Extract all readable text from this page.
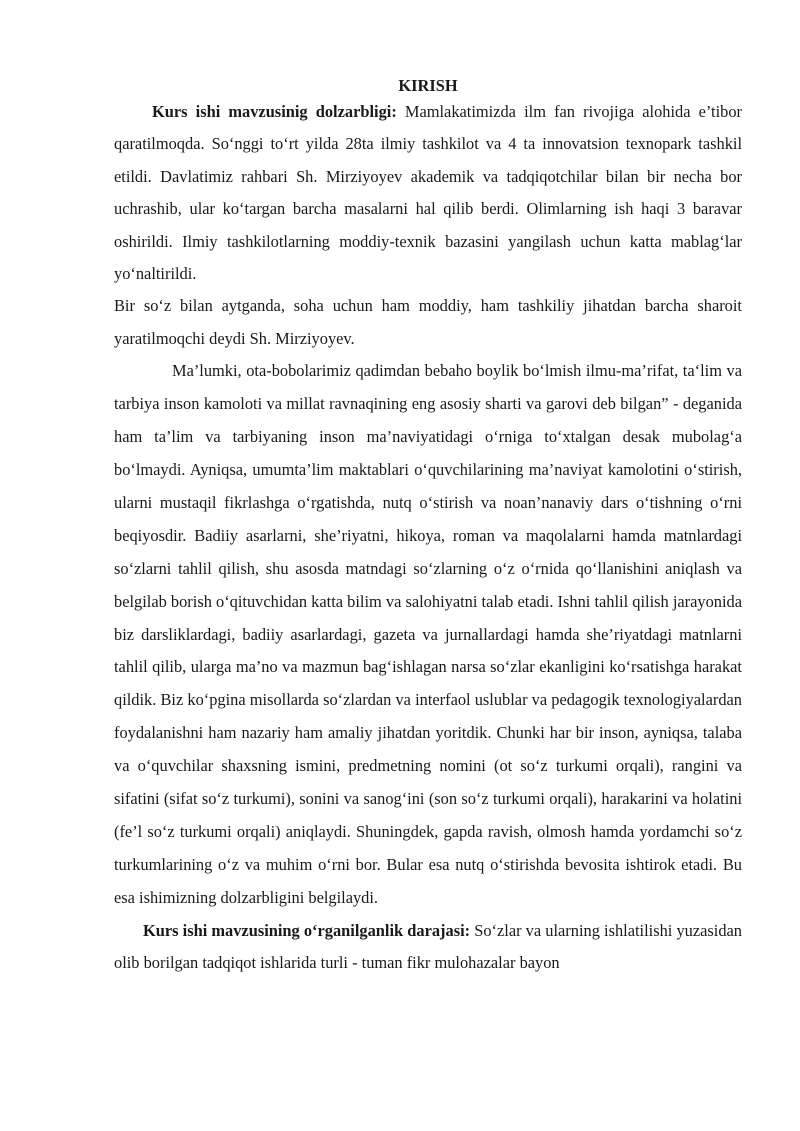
KIRISH

Kurs ishi mavzusinig dolzarbligi: Mamlakatimizda ilm fan rivojiga alohida e’tibor qaratilmoqda. So‘nggi to‘rt yilda 28ta ilmiy tashkilot va 4 ta innovatsion texnopark tashkil etildi. Davlatimiz rahbari Sh. Mirziyoyev akademik va tadqiqotchilar bilan bir necha bor uchrashib, ular ko‘targan barcha masalarni hal qilib berdi. Olimlarning ish haqi 3 baravar oshirildi. Ilmiy tashkilotlarning moddiy-texnik bazasini yangilash uchun katta mablag‘lar yo‘naltirildi.

Bir so‘z bilan aytganda, soha uchun ham moddiy, ham tashkiliy jihatdan barcha sharoit yaratilmoqchi deydi Sh. Mirziyoyev.

Ma’lumki, ota-bobolarimiz qadimdan bebaho boylik bo‘lmish ilmu-ma’rifat, ta‘lim va tarbiya inson kamoloti va millat ravnaqining eng asosiy sharti va garovi deb bilgan” - deganida ham ta’lim va tarbiyaning inson ma’naviyatidagi o‘rniga to‘xtalgan desak mubolag‘a bo‘lmaydi. Ayniqsa, umumta’lim maktablari o‘quvchilarining ma’naviyat kamolotini o‘stirish, ularni mustaqil fikrlashga o‘rgatishda, nutq o‘stirish va noan’nanaviy dars o‘tishning o‘rni beqiyosdir. Badiiy asarlarni, she’riyatni, hikoya, roman va maqolalarni hamda matnlardagi so‘zlarni tahlil qilish, shu asosda matndagi so‘zlarning o‘z o‘rnida qo‘llanishini aniqlash va belgilab borish o‘qituvchidan katta bilim va salohiyatni talab etadi. Ishni tahlil qilish jarayonida biz darsliklardagi, badiiy asarlardagi, gazeta va jurnallardagi hamda she’riyatdagi matnlarni tahlil qilib, ularga ma’no va mazmun bag‘ishlagan narsa so‘zlar ekanligini ko‘rsatishga harakat qildik. Biz ko‘pgina misollarda so‘zlardan va interfaol uslublar va pedagogik texnologiyalardan foydalanishni ham nazariy ham amaliy jihatdan yoritdik. Chunki har bir inson, ayniqsa, talaba va o‘quvchilar shaxsning ismini, predmetning nomini (ot so‘z turkumi orqali), rangini va sifatini (sifat so‘z turkumi), sonini va sanog‘ini (son so‘z turkumi orqali), harakarini va holatini (fe’l so‘z turkumi orqali) aniqlaydi. Shuningdek, gapda ravish, olmosh hamda yordamchi so‘z turkumlarining o‘z va muhim o‘rni bor. Bular esa nutq o‘stirishda bevosita ishtirok etadi. Bu esa ishimizning dolzarbligini belgilaydi.

Kurs ishi mavzusining o‘rganilganlik darajasi: So‘zlar va ularning ishlatilishi yuzasidan olib borilgan tadqiqot ishlarida turli - tuman fikr mulohazalar bayon
